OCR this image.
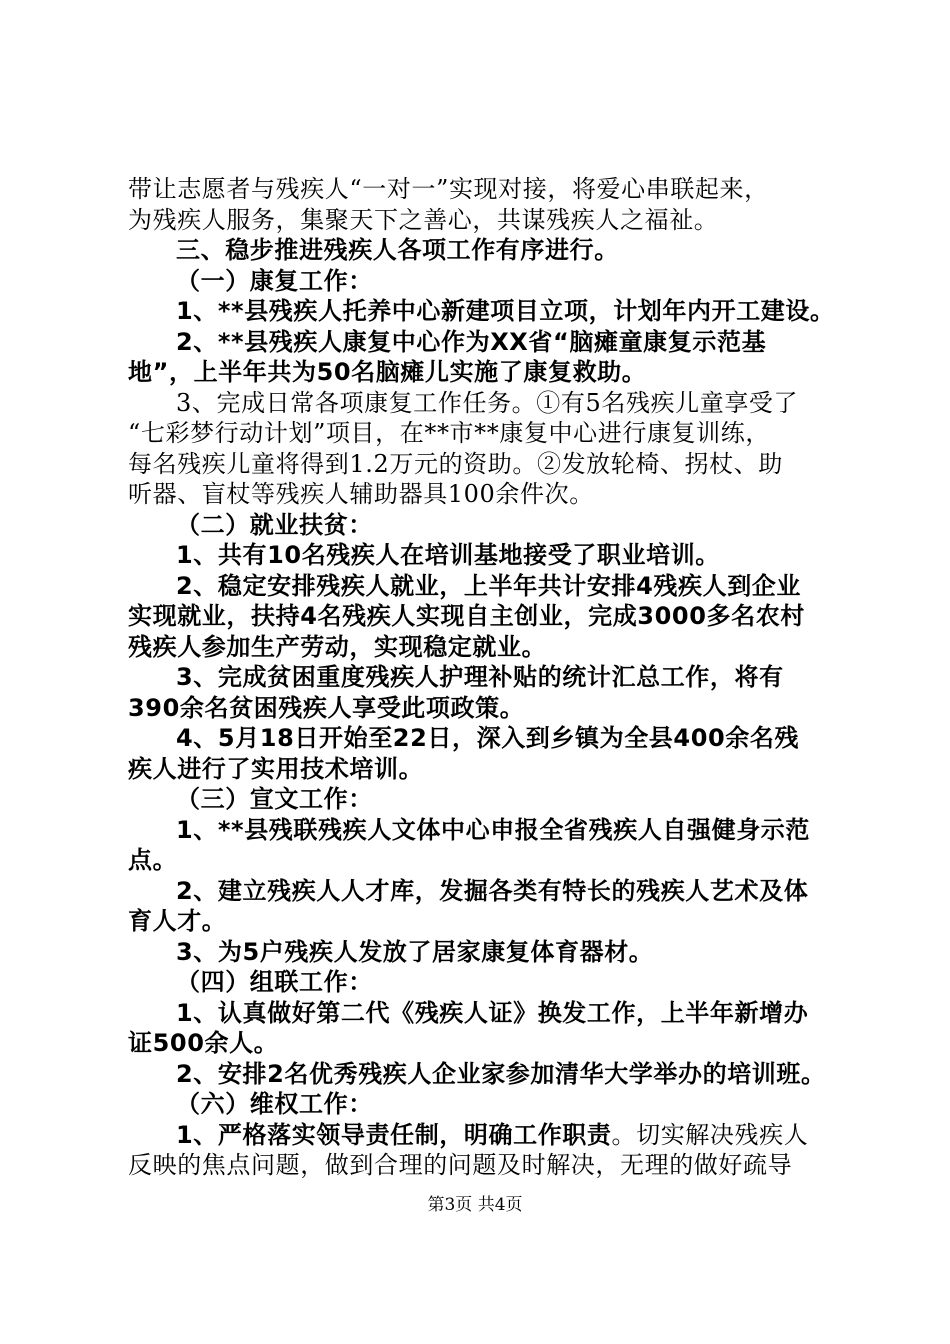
带让志愿者与残疾人“一对一”实现对接，将爱心串联起来，
为残疾人服务，集聚天下之善心，共谋残疾人之福祉。
三、稳步推进残疾人各项工作有序进行。
（一）康复工作：
1、**县残疾人托养中心新建项目立项，计划年内开工建设。
2、**县残疾人康复中心作为XX省“脑瘫童康复示范基
地”，上半年共为50名脑瘫儿实施了康复救助。
3、完成日常各项康复工作任务。①有5名残疾儿童享受了
“七彩梦行动计划”项目，在**市**康复中心进行康复训练，
每名残疾儿童将得到1.2万元的资助。②发放轮椅、拐杖、助
听器、盲杖等残疾人辅助器具100余件次。
（二）就业扶贫：
1、共有10名残疾人在培训基地接受了职业培训。
2、稳定安排残疾人就业，上半年共计安排4残疾人到企业
实现就业，扶持4名残疾人实现自主创业，完成3000多名农村
残疾人参加生产劳动，实现稳定就业。
3、完成贫困重度残疾人护理补贴的统计汇总工作，将有
390余名贫困残疾人享受此项政策。
4、5月18日开始至22日，深入到乡镇为全县400余名残
疾人进行了实用技术培训。
（三）宣文工作：
1、**县残联残疾人文体中心申报全省残疾人自强健身示范
点。
2、建立残疾人人才库，发掘各类有特长的残疾人艺术及体
育人才。
3、为5户残疾人发放了居家康复体育器材。
（四）组联工作：
1、认真做好第二代《残疾人证》换发工作，上半年新增办
证500余人。
2、安排2名优秀残疾人企业家参加清华大学举办的培训班。
（六）维权工作：
1、严格落实领导责任制，明确工作职责。切实解决残疾人
反映的焦点问题，做到合理的问题及时解决，无理的做好疏导
第3页 共4页
